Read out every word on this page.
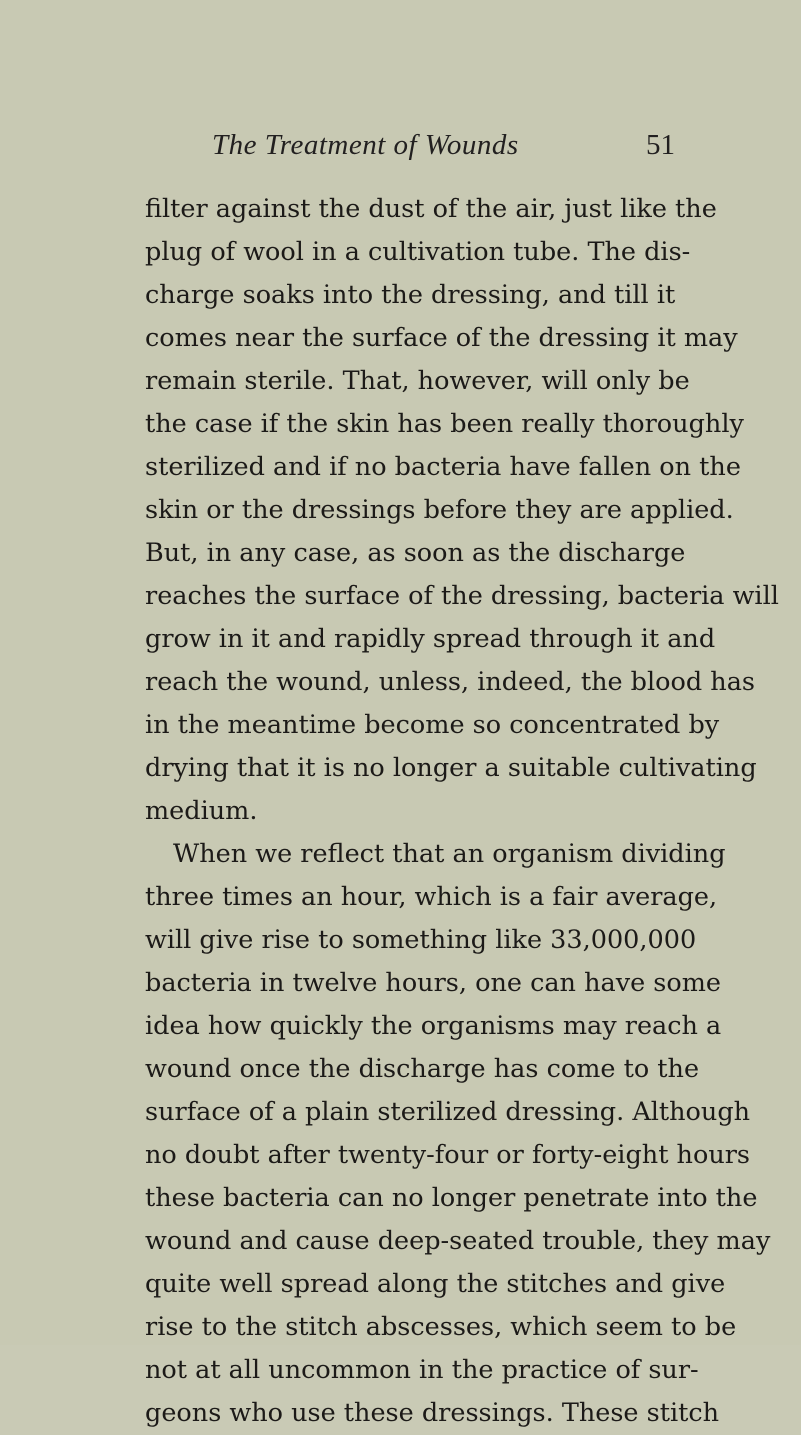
The Treatment of Wounds	51
filter against the dust of the air, just like the
plug of wool in a cultivation tube. The dis-
charge soaks into the dressing, and till it
comes near the surface of the dressing it may
remain sterile. That, however, will only be
the case if the skin has been really thoroughly
sterilized and if no bacteria have fallen on the
skin or the dressings before they are applied.
But, in any case, as soon as the discharge
reaches the surface of the dressing, bacteria will
grow in it and rapidly spread through it and
reach the wound, unless, indeed, the blood has
in the meantime become so concentrated by
drying that it is no longer a suitable cultivating
medium.
When we reflect that an organism dividing
three times an hour, which is a fair average,
will give rise to something like 33,000,000
bacteria in twelve hours, one can have some
idea how quickly the organisms may reach a
wound once the discharge has come to the
surface of a plain sterilized dressing. Although
no doubt after twenty-four or forty-eight hours
these bacteria can no longer penetrate into the
wound and cause deep-seated trouble, they may
quite well spread along the stitches and give
rise to the stitch abscesses, which seem to be
not at all uncommon in the practice of sur-
geons who use these dressings. These stitch
